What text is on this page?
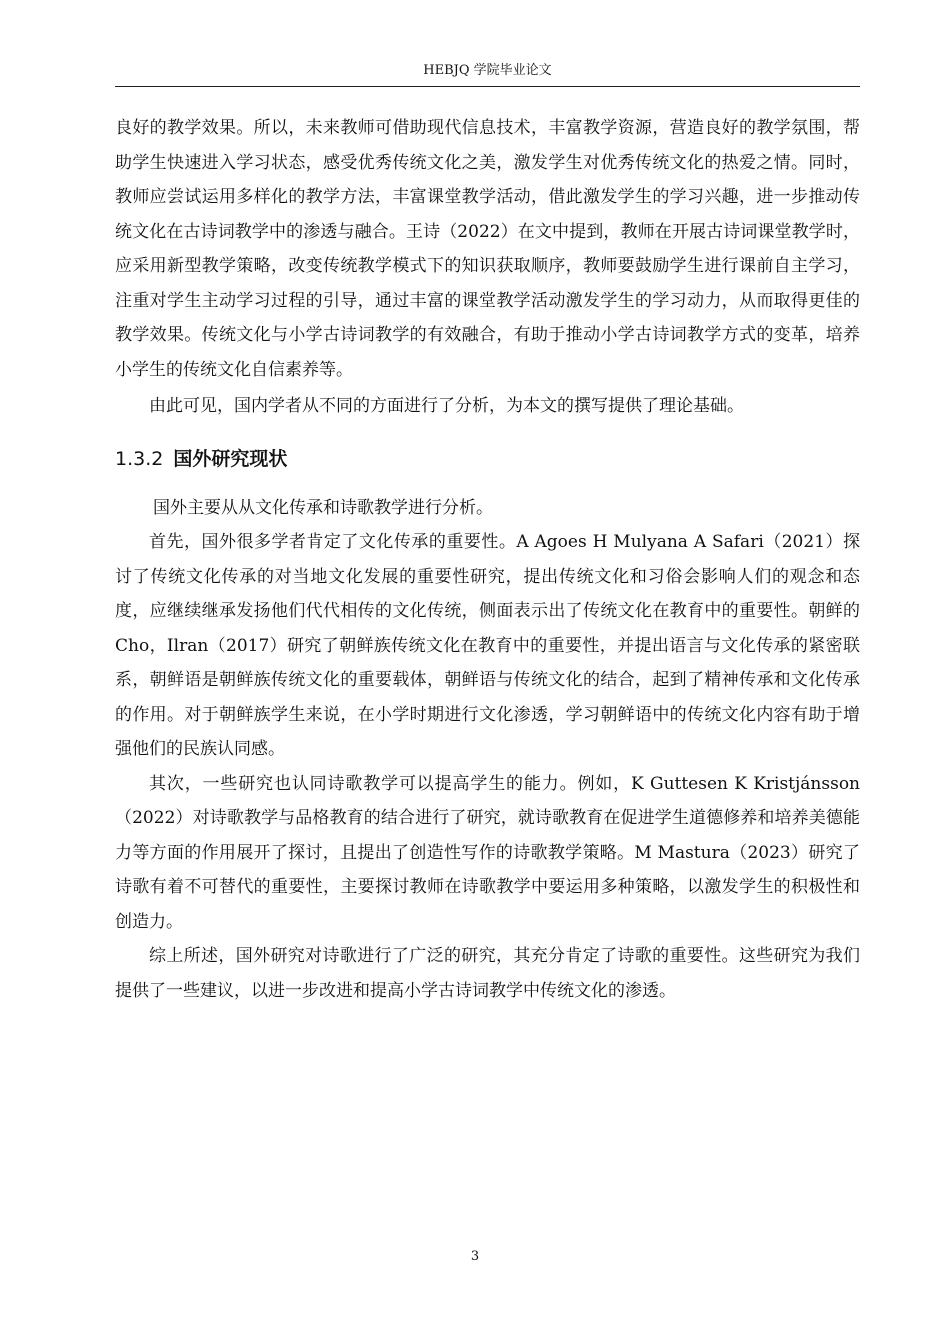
HEBJQ 学院毕业论文

良好的教学效果。所以，未来教师可借助现代信息技术，丰富教学资源，营造良好的教学氛围，帮助学生快速进入学习状态，感受优秀传统文化之美，激发学生对优秀传统文化的热爱之情。同时，教师应尝试运用多样化的教学方法，丰富课堂教学活动，借此激发学生的学习兴趣，进一步推动传统文化在古诗词教学中的渗透与融合。王诗（2022）在文中提到，教师在开展古诗词课堂教学时，应采用新型教学策略，改变传统教学模式下的知识获取顺序，教师要鼓励学生进行课前自主学习，注重对学生主动学习过程的引导，通过丰富的课堂教学活动激发学生的学习动力，从而取得更佳的教学效果。传统文化与小学古诗词教学的有效融合，有助于推动小学古诗词教学方式的变革，培养小学生的传统文化自信素养等。

由此可见，国内学者从不同的方面进行了分析，为本文的撰写提供了理论基础。

1.3.2 国外研究现状

国外主要从从文化传承和诗歌教学进行分析。

首先，国外很多学者肯定了文化传承的重要性。A Agoes H Mulyana A Safari（2021）探讨了传统文化传承的对当地文化发展的重要性研究，提出传统文化和习俗会影响人们的观念和态度，应继续继承发扬他们代代相传的文化传统，侧面表示出了传统文化在教育中的重要性。朝鲜的 Cho，Ilran（2017）研究了朝鲜族传统文化在教育中的重要性，并提出语言与文化传承的紧密联系，朝鲜语是朝鲜族传统文化的重要载体，朝鲜语与传统文化的结合，起到了精神传承和文化传承的作用。对于朝鲜族学生来说，在小学时期进行文化渗透，学习朝鲜语中的传统文化内容有助于增强他们的民族认同感。

其次，一些研究也认同诗歌教学可以提高学生的能力。例如，K Guttesen K Kristjánsson（2022）对诗歌教学与品格教育的结合进行了研究，就诗歌教育在促进学生道德修养和培养美德能力等方面的作用展开了探讨，且提出了创造性写作的诗歌教学策略。M Mastura（2023）研究了诗歌有着不可替代的重要性，主要探讨教师在诗歌教学中要运用多种策略，以激发学生的积极性和创造力。

综上所述，国外研究对诗歌进行了广泛的研究，其充分肯定了诗歌的重要性。这些研究为我们提供了一些建议，以进一步改进和提高小学古诗词教学中传统文化的渗透。

3
